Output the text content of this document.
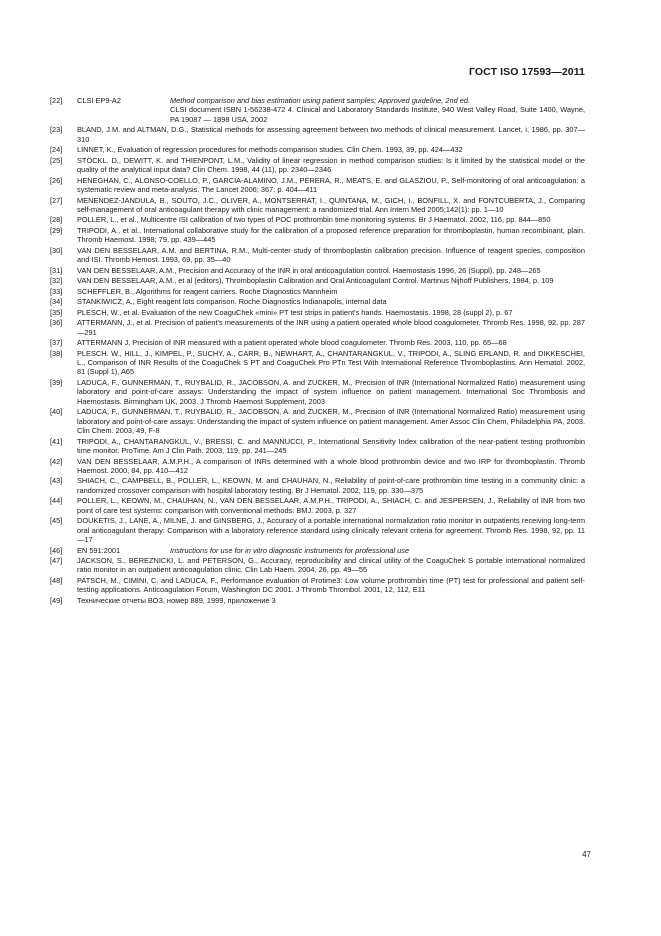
ГОСТ ISO 17593—2011
[22] CLSI EP9-A2	Method comparison and bias estimation using patient samples; Approved guideline, 2nd ed.
CLSI document ISBN 1-56238-472 4. Clinical and Laboratory Standards Institute, 940 West Valley Road, Suite 1400, Wayne, PA 19087 — 1898 USA, 2002
[23] BLAND, J.M. and ALTMAN, D.G., Statistical methods for assessing agreement between two methods of clinical measurement. Lancet, i, 1986, pp. 307—310
[24] LINNET, K., Evaluation of regression procedures for methods comparison studies. Clin Chem. 1993, 39, pp. 424—432
[25] STÖCKL. D., DEWITT, K. and THIENPONT, L.M., Validity of linear regression in method comparison studies: Is it limited by the statistical model or the quality of the analytical input data? Clin Chem. 1998, 44 (11), pp. 2340—2346
[26] HENEGHAN, C., ALONSO-COELLO, P., GARCIA-ALAMINO, J.M., PERERA, R., MEATS, E. and GLASZIOU, P., Self-monitoring of oral anticoagulation: a systematic review and meta-analysis. The Lancet 2006; 367: p. 404—411
[27] MENENDEZ-JANDULA, B., SOUTO, J.C., OLIVER, A., MONTSERRAT, I., QUINTANA, M., GICH, I., BONFILL, X. and FONTCUBERTA, J., Comparing self-management of oral anticoagulant therapy with clinic management: a randomized trial. Ann Intern Med 2005;142(1): pp. 1—10
[28] POLLER, L., et al., Multicentre ISI calibration of two types of POC prothrombin time monitoring systems. Br J Haematol. 2002, 116, pp. 844—850
[29] TRIPODI, A., et al., International collaborative study for the calibration of a proposed reference preparation for thromboplastin, human recombinant, plain. Thromb Haemost. 1998; 79, pp. 439—445
[30] VAN DEN BESSELAAR, A.M. and BERTINA, R.M., Multi-center study of thromboplastin calibration precision. Influence of reagent species, composition and ISI. Thromb Hemost. 1993, 69, pp. 35—40
[31] VAN DEN BESSELAAR, A.M., Precision and Accuracy of the INR in oral anticoagulation control. Haemostasis 1996, 26 (Suppl), pp. 248—265
[32] VAN DEN BESSELAAR, A.M., et al (editors), Thromboplastin Calibration and Oral Anticoagulant Control. Martinus Nijhoff Publishers, 1984, p. 109
[33] SCHEFFLER, B., Algorithms for reagent carriers. Roche Diagnostics Mannheim
[34] STANKIWICZ, A., Eight reagent lots comparison. Roche Diagnostics Indianapolis, internal data
[35] PLESCH, W., et al. Evaluation of the new CoaguChek «mini» PT test strips in patient's hands. Haemostasis. 1998, 28 (suppl 2), p. 67
[36] ATTERMANN, J., et al. Precision of patient's measurements of the INR using a patient operated whole blood coagulometer. Thromb Res. 1998, 92, pp. 287—291
[37] ATTERMANN J, Precision of INR measured with a patient operated whole blood coagulometer. Thromb Res. 2003, 110, pp. 65—68
[38] PLESCH. W., HILL, J., KIMPEL, P., SUCHY, A., CARR, B., NEWHART, A., CHANTARANGKUL, V., TRIPODI, A., SLING ERLAND, R. and DIKKESCHEI, L., Comparison of INR Results of the CoaguChek S PT and CoaguChek Pro PTn Test With International Reference Thromboplastins. Ann Hematol. 2002, 81 (Suppl 1), A65
[39] LADUCA, F., GUNNERMAN, T., RUYBALID, R., JACOBSON, A. and ZUCKER, M., Precision of INR (International Normalized Ratio) measurement using laboratory and point-of-care assays: Understanding the impact of system influence on patient management. International Soc Thrombosis and Haemostasis. Birmingham UK, 2003. J Thromb Haemost Supplement, 2003
[40] LADUCA, F., GUNNERMAN, T., RUYBALID, R., JACOBSON, A. and ZUCKER, M., Precision of INR (International Normalized Ratio) measurement using laboratory and point-of-care assays: Understanding the impact of system influence on patient management. Amer Assoc Clin Chem, Philadelphia PA, 2003. Clin Chem. 2003, 49, F-8
[41] TRIPODI, A., CHANTARANGKUL, V., BRESSI, C. and MANNUCCI, P., International Sensitivity Index calibration of the near-patient testing prothrombin time monitor. ProTime. Am J Clin Path. 2003, 119, pp. 241—245
[42] VAN DEN BESSELAAR, A.M.P.H., A comparison of INRs determined with a whole blood prothrombin device and two IRP for thromboplastin. Thromb Haemost. 2000, 84, pp. 410—412
[43] SHIACH, C., CAMPBELL, B., POLLER, L., KEOWN, M. and CHAUHAN, N., Reliability of point-of-care prothrombin time testing in a community clinic: a randomized crossover comparison with hospital laboratory testing. Br J Hematol. 2002, 119, pp. 330—375
[44] POLLER, L., KEOWN, M., CHAUHAN, N., VAN DEN BESSELAAR, A.M.P.H., TRIPODI, A., SHIACH, C. and JESPERSEN, J., Reliability of INR from two point of care test systems: comparison with conventional methods. BMJ. 2003, p. 327
[45] DOUKETIS, J., LANE, A., MILNE, J. and GINSBERG, J., Accuracy of a portable international normalization ratio monitor in outpatients receiving long-term oral anticoagulant therapy: Comparison with a laboratory reference standard using clinically relevant criteria for agreement. Thromb Res. 1998, 92, pp. 11—17
[46] EN 591:2001	Instructions for use for in vitro diagnostic instruments for professional use
[47] JACKSON, S., BEREZNICKI, L. and PETERSON, G., Accuracy, reproducibility and clinical utility of the CoaguChek S portable international normalized ratio monitor in an outpatient anticoagulation clinic. Clin Lab Haem. 2004, 26, pp. 49—55
[48] PATSCH, M., CIMINI, C. and LADUCA, F., Performance evaluation of Protime3: Low volume prothrombin time (PT) test for professional and patient self-testing applications. Anticoagulation Forum, Washington DC 2001. J Thromb Thrombol. 2001, 12, 112, E11
[49] Технические отчеты ВОЗ, номер 889, 1999, приложение 3
47
